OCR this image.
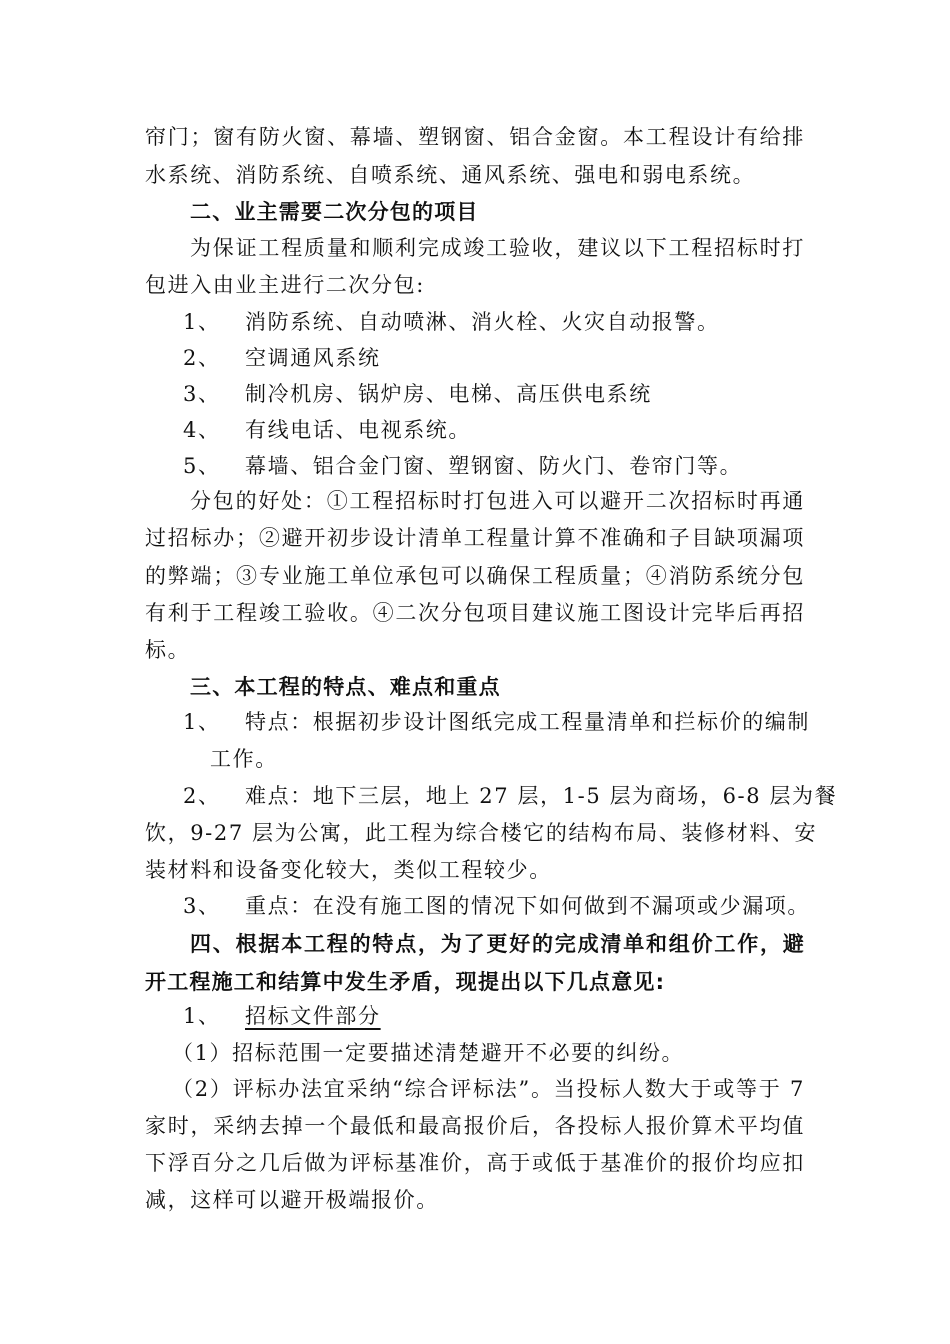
帘门；窗有防火窗、幕墙、塑钢窗、铝合金窗。本工程设计有给排
水系统、消防系统、自喷系统、通风系统、强电和弱电系统。
二、业主需要二次分包的项目
为保证工程质量和顺利完成竣工验收，建议以下工程招标时打
包进入由业主进行二次分包:
1、 消防系统、自动喷淋、消火栓、火灾自动报警。
2、 空调通风系统
3、 制冷机房、锅炉房、电梯、高压供电系统
4、 有线电话、电视系统。
5、 幕墙、铝合金门窗、塑钢窗、防火门、卷帘门等。
分包的好处：①工程招标时打包进入可以避开二次招标时再通
过招标办；②避开初步设计清单工程量计算不准确和子目缺项漏项
的弊端；③专业施工单位承包可以确保工程质量；④消防系统分包
有利于工程竣工验收。④二次分包项目建议施工图设计完毕后再招
标。
三、本工程的特点、难点和重点
1、 特点：根据初步设计图纸完成工程量清单和拦标价的编制
工作。
2、 难点：地下三层，地上 27 层，1-5 层为商场，6-8 层为餐
饮，9-27 层为公寓，此工程为综合楼它的结构布局、装修材料、安
装材料和设备变化较大，类似工程较少。
3、 重点：在没有施工图的情况下如何做到不漏项或少漏项。
四、根据本工程的特点，为了更好的完成清单和组价工作，避
开工程施工和结算中发生矛盾，现提出以下几点意见:
1、 招标文件部分
（1）招标范围一定要描述清楚避开不必要的纠纷。
（2）评标办法宜采纳“综合评标法”。当投标人数大于或等于 7
家时，采纳去掉一个最低和最高报价后，各投标人报价算术平均值
下浮百分之几后做为评标基准价，高于或低于基准价的报价均应扣
减，这样可以避开极端报价。
